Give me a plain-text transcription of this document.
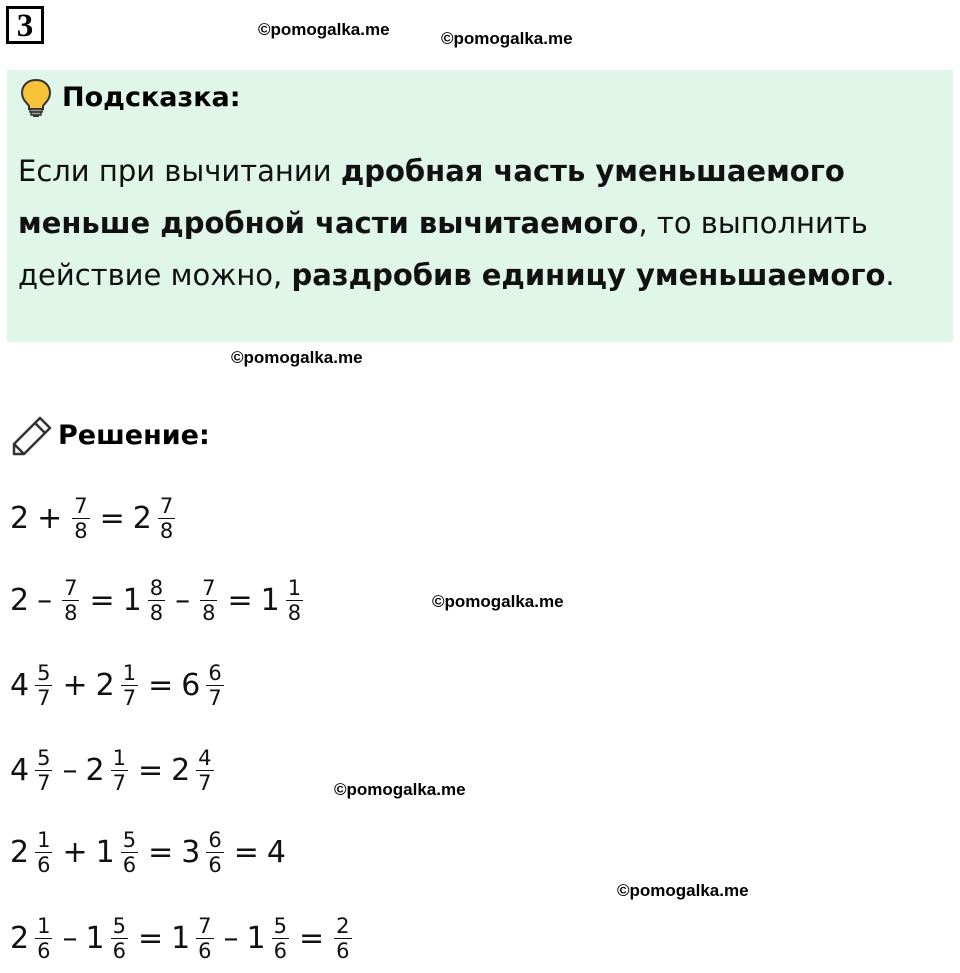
3	©pomogalka.me	©pomogalka.me
Подсказка:
Если при вычитании дробная часть уменьшаемого меньше дробной части вычитаемого, то выполнить действие можно, раздробив единицу уменьшаемого.
©pomogalka.me
Решение:
$2 + \frac{7}{8} = 2 \frac{7}{8}$
$2 - \frac{7}{8} = 1 \frac{8}{8} - \frac{7}{8} = 1 \frac{1}{8}$
$4 \frac{5}{7} + 2 \frac{1}{7} = 6 \frac{6}{7}$
$4 \frac{5}{7} - 2 \frac{1}{7} = 2 \frac{4}{7}$
$2 \frac{1}{6} + 1 \frac{5}{6} = 3 \frac{6}{6} = 4$
$2 \frac{1}{6} - 1 \frac{5}{6} = 1 \frac{7}{6} - 1 \frac{5}{6} = \frac{2}{6}$
©pomogalka.me
©pomogalka.me
©pomogalka.me
